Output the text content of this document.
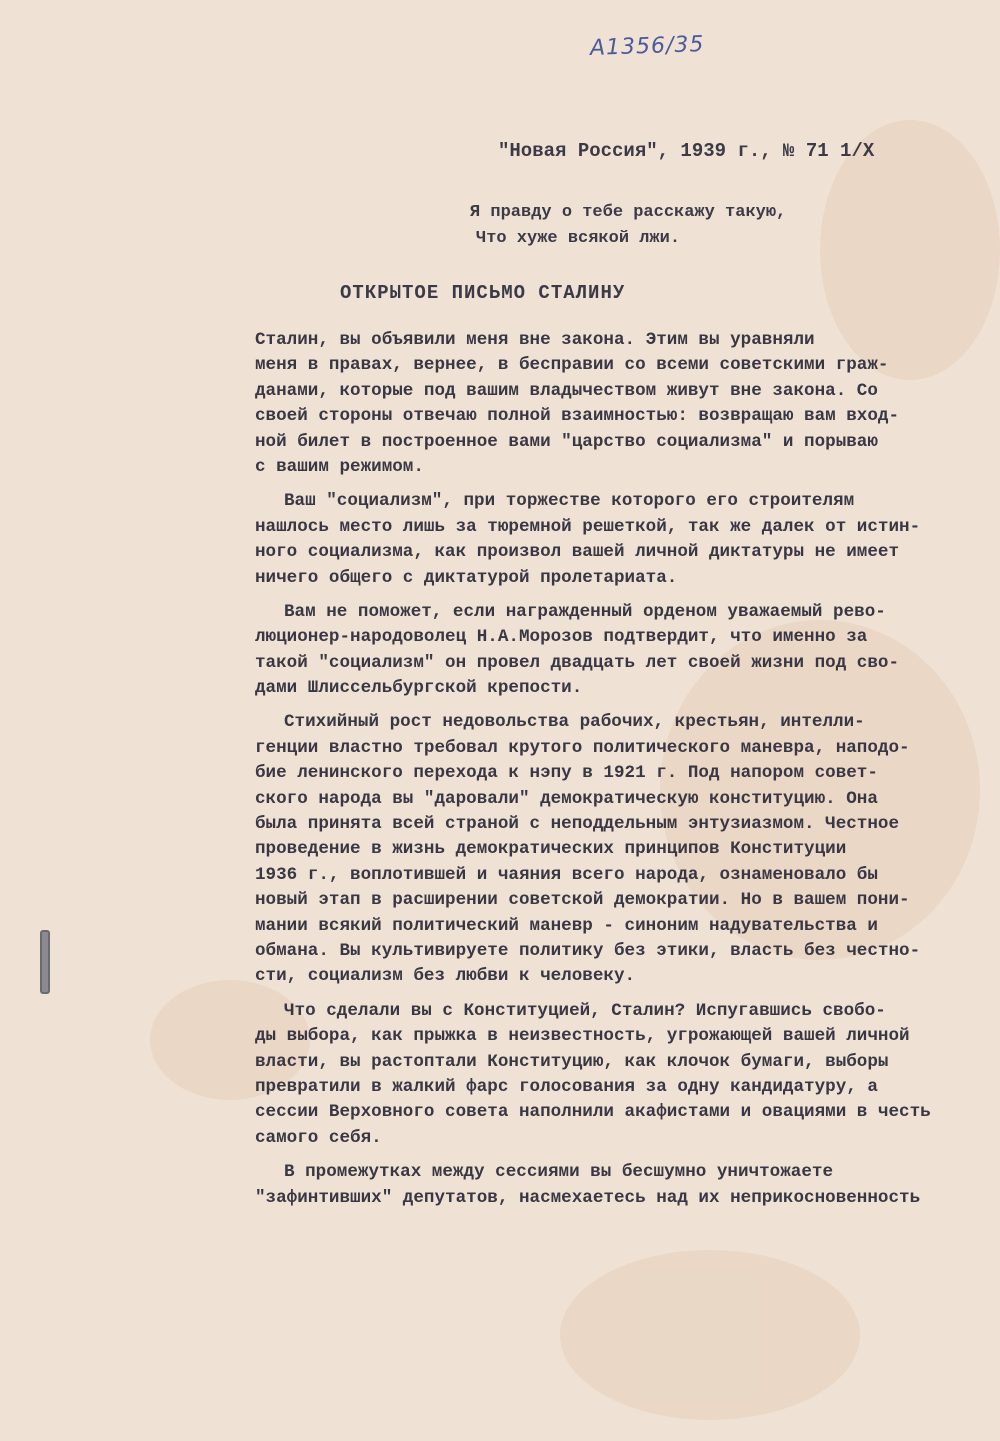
А1356/35
"Новая Россия", 1939 г., № 71 1/Х
Я правду о тебе расскажу такую,
Что хуже всякой лжи.
ОТКРЫТОЕ ПИСЬМО СТАЛИНУ
Сталин, вы объявили меня вне закона. Этим вы уравняли
меня в правах, вернее, в бесправии со всеми советскими граж-
данами, которые под вашим владычеством живут вне закона. Со
своей стороны отвечаю полной взаимностью: возвращаю вам вход-
ной билет в построенное вами "царство социализма" и порываю
с вашим режимом.
Ваш "социализм", при торжестве которого его строителям
нашлось место лишь за тюремной решеткой, так же далек от истин-
ного социализма, как произвол вашей личной диктатуры не имеет
ничего общего с диктатурой пролетариата.
Вам не поможет, если награжденный орденом уважаемый рево-
люционер-народоволец Н.А.Морозов подтвердит, что именно за
такой "социализм" он провел двадцать лет своей жизни под сво-
дами Шлиссельбургской крепости.
Стихийный рост недовольства рабочих, крестьян, интелли-
генции властно требовал крутого политического маневра, наподо-
бие ленинского перехода к нэпу в 1921 г. Под напором совет-
ского народа вы "даровали" демократическую конституцию. Она
была принята всей страной с неподдельным энтузиазмом. Честное
проведение в жизнь демократических принципов Конституции
1936 г., воплотившей и чаяния всего народа, ознаменовало бы
новый этап в расширении советской демократии. Но в вашем пони-
мании всякий политический маневр - синоним надувательства и
обмана. Вы культивируете политику без этики, власть без честно-
сти, социализм без любви к человеку.
Что сделали вы с Конституцией, Сталин? Испугавшись свобо-
ды выбора, как прыжка в неизвестность, угрожающей вашей личной
власти, вы растоптали Конституцию, как клочок бумаги, выборы
превратили в жалкий фарс голосования за одну кандидатуру, а
сессии Верховного совета наполнили акафистами и овациями в честь
самого себя.
В промежутках между сессиями вы бесшумно уничтожаете
"зафинтивших" депутатов, насмехаетесь над их неприкосновенность
